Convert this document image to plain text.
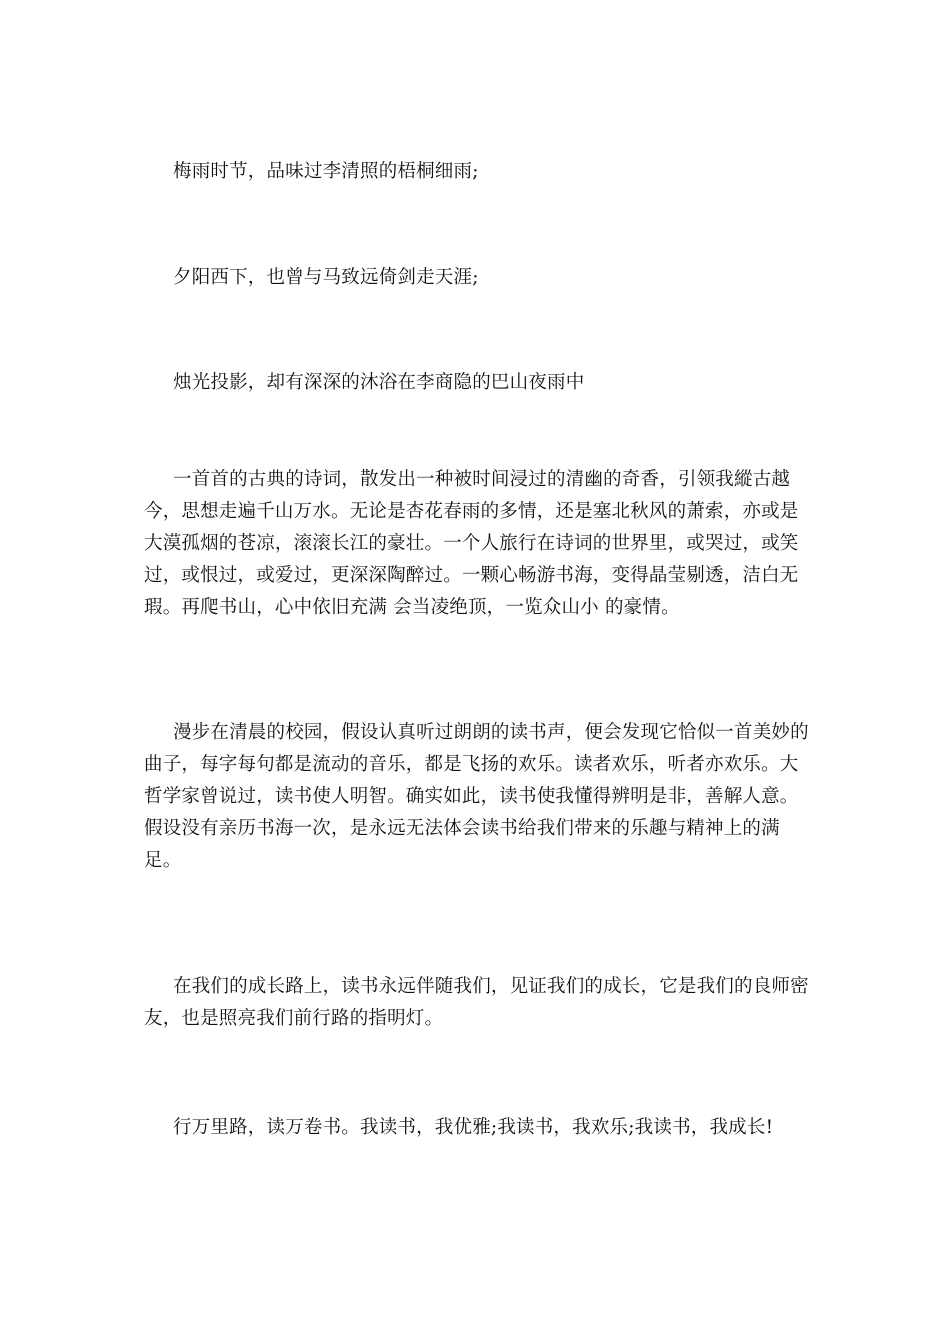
梅雨时节，品味过李清照的梧桐细雨;

夕阳西下，也曾与马致远倚剑走天涯;

烛光投影，却有深深的沐浴在李商隐的巴山夜雨中

一首首的古典的诗词，散发出一种被时间浸过的清幽的奇香，引领我縱古越今，思想走遍千山万水。无论是杏花春雨的多情，还是塞北秋风的萧索，亦或是大漠孤烟的苍凉，滚滚长江的豪壮。一个人旅行在诗词的世界里，或哭过，或笑过，或恨过，或爱过，更深深陶醉过。一颗心畅游书海，变得晶莹剔透，洁白无瑕。再爬书山，心中依旧充满 会当凌绝顶，一览众山小 的豪情。

漫步在清晨的校园，假设认真听过朗朗的读书声，便会发现它恰似一首美妙的曲子，每字每句都是流动的音乐，都是飞扬的欢乐。读者欢乐，听者亦欢乐。大哲学家曾说过，读书使人明智。确实如此，读书使我懂得辨明是非，善解人意。假设没有亲历书海一次，是永远无法体会读书给我们带来的乐趣与精神上的满足。

在我们的成长路上，读书永远伴随我们，见证我们的成长，它是我们的良师密友，也是照亮我们前行路的指明灯。

行万里路，读万卷书。我读书，我优雅;我读书，我欢乐;我读书，我成长!
